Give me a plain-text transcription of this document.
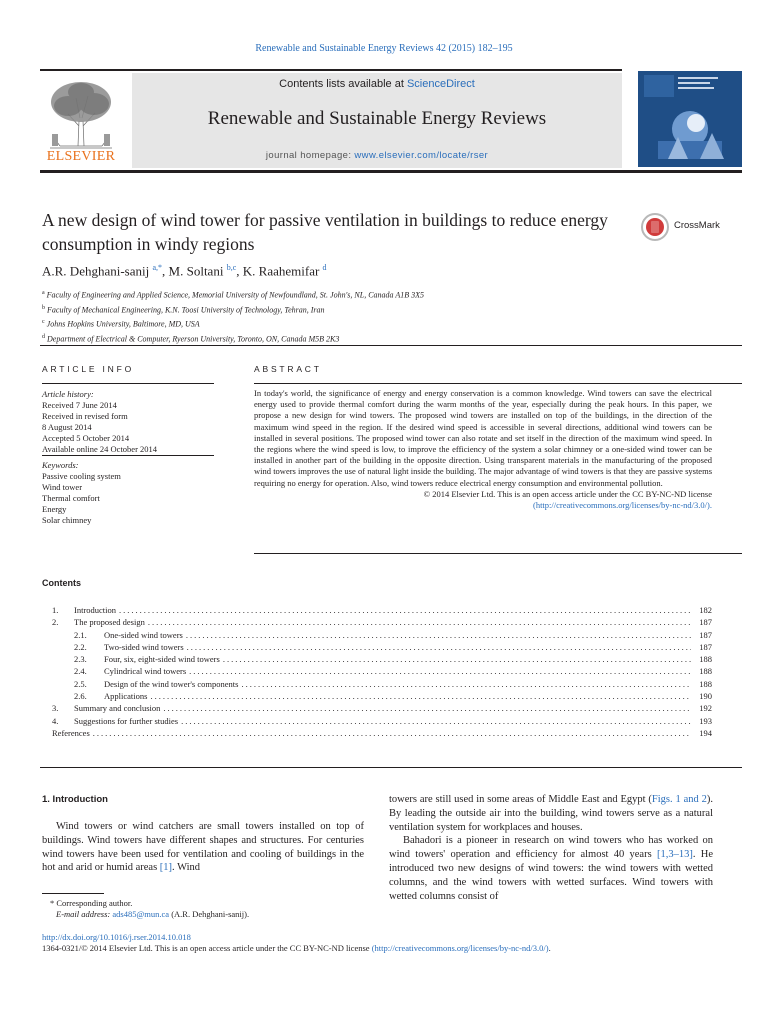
Renewable and Sustainable Energy Reviews 42 (2015) 182–195
Contents lists available at ScienceDirect
Renewable and Sustainable Energy Reviews
journal homepage: www.elsevier.com/locate/rser
ELSEVIER
A new design of wind tower for passive ventilation in buildings to reduce energy consumption in windy regions
CrossMark
A.R. Dehghani-sanij $^{a,*}$, M. Soltani $^{b,c}$, K. Raahemifar $^d$
$^a$ Faculty of Engineering and Applied Science, Memorial University of Newfoundland, St. John's, NL, Canada A1B 3X5
$^b$ Faculty of Mechanical Engineering, K.N. Toosi University of Technology, Tehran, Iran
$^c$ Johns Hopkins University, Baltimore, MD, USA
$^d$ Department of Electrical & Computer, Ryerson University, Toronto, ON, Canada M5B 2K3
ARTICLE INFO
Article history:
Received 7 June 2014
Received in revised form
8 August 2014
Accepted 5 October 2014
Available online 24 October 2014
Keywords:
Passive cooling system
Wind tower
Thermal comfort
Energy
Solar chimney
ABSTRACT
In today's world, the significance of energy and energy conservation is a common knowledge. Wind towers can save the electrical energy used to provide thermal comfort during the warm months of the year, especially during the peak hours. In this paper, we propose a new design for wind towers. The proposed wind towers are installed on top of the buildings, in the direction of the maximum wind speed in the region. If the desired wind speed is accessible in several directions, additional wind towers can be installed in several positions. The proposed wind tower can also rotate and set itself in the direction of the maximum wind speed. In the regions where the wind speed is low, to improve the efficiency of the system a solar chimney or a one-sided wind tower can be installed in another part of the building in the opposite direction. Using transparent materials in the manufacturing of the proposed wind towers improves the use of natural light inside the building. The major advantage of wind towers is that they are passive systems requiring no energy for operation. Also, wind towers reduce electrical energy consumption and environmental pollution.
© 2014 Elsevier Ltd. This is an open access article under the CC BY-NC-ND license
(http://creativecommons.org/licenses/by-nc-nd/3.0/).
Contents
1.	Introduction .....	182
2.	The proposed design .....	187
2.1.	One-sided wind towers .....	187
2.2.	Two-sided wind towers .....	187
2.3.	Four, six, eight-sided wind towers .....	188
2.4.	Cylindrical wind towers .....	188
2.5.	Design of the wind tower's components .....	188
2.6.	Applications .....	190
3.	Summary and conclusion .....	192
4.	Suggestions for further studies .....	193
References .....	194
1. Introduction
Wind towers or wind catchers are small towers installed on top of buildings. Wind towers have different shapes and structures. For centuries wind towers have been used for ventilation and cooling of buildings in the hot and arid or humid areas [1]. Wind
towers are still used in some areas of Middle East and Egypt (Figs. 1 and 2). By leading the outside air into the building, wind towers serve as a natural ventilation system for workplaces and houses.
Bahadori is a pioneer in research on wind towers who has worked on wind towers' operation and efficiency for almost 40 years [1,3–13]. He introduced two new designs of wind towers: the wind towers with wetted columns, and the wind towers with wetted surfaces. Wind towers with wetted columns consist of
* Corresponding author.
E-mail address: ads485@mun.ca (A.R. Dehghani-sanij).
http://dx.doi.org/10.1016/j.rser.2014.10.018
1364-0321/© 2014 Elsevier Ltd. This is an open access article under the CC BY-NC-ND license (http://creativecommons.org/licenses/by-nc-nd/3.0/).
